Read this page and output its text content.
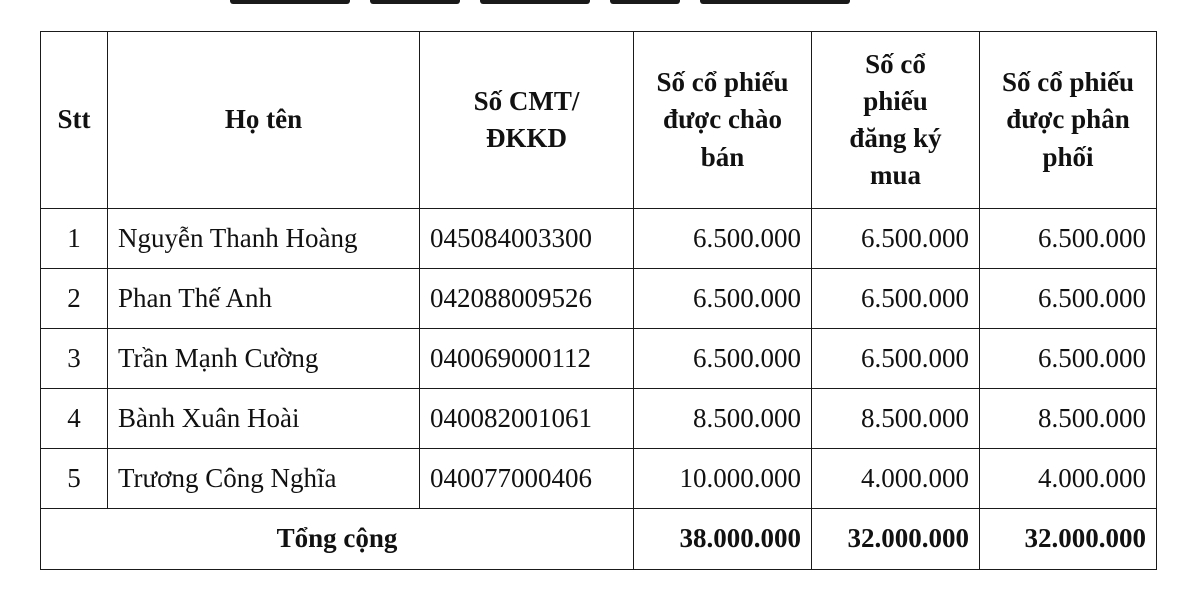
Stt	Họ tên	Số CMT/ĐKKD	Số cổ phiếu được chào bán	Số cổ phiếu đăng ký mua	Số cổ phiếu được phân phối
1	Nguyễn Thanh Hoàng	045084003300	6.500.000	6.500.000	6.500.000
2	Phan Thế Anh	042088009526	6.500.000	6.500.000	6.500.000
3	Trần Mạnh Cường	040069000112	6.500.000	6.500.000	6.500.000
4	Bành Xuân Hoài	040082001061	8.500.000	8.500.000	8.500.000
5	Trương Công Nghĩa	040077000406	10.000.000	4.000.000	4.000.000
Tổng cộng			38.000.000	32.000.000	32.000.000
